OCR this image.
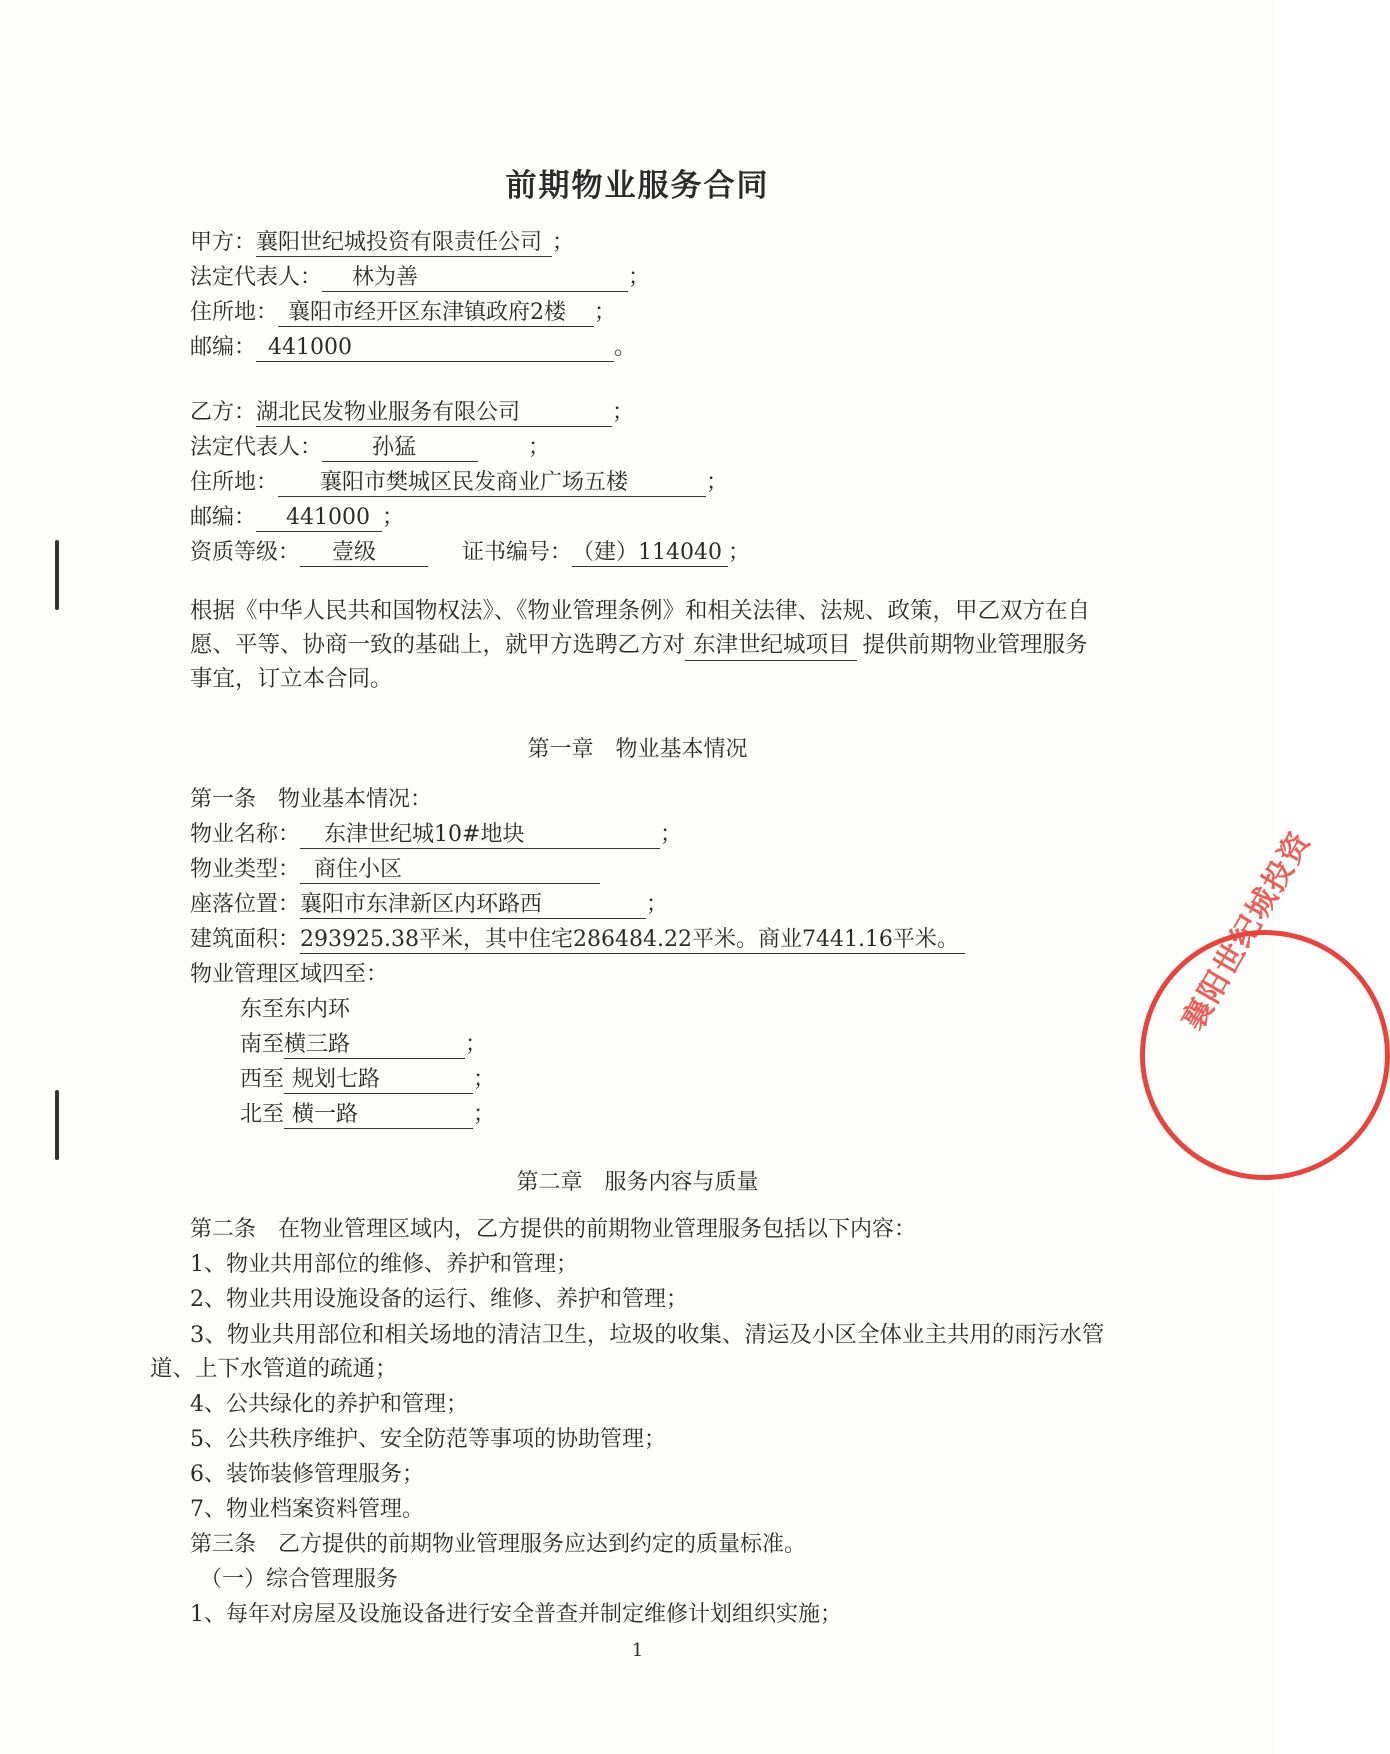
襄阳世纪城投资
前期物业服务合同
甲方：襄阳世纪城投资有限责任公司 ；
法定代表人： 林为善	；
住所地： 襄阳市经开区东津镇政府2楼 ；
邮编： 441000	。
乙方：湖北民发物业服务有限公司	；
法定代表人： 孙猛	；
住所地： 襄阳市樊城区民发商业广场五楼	；
邮编： 441000 ；
资质等级： 壹级	证书编号：（建）114040 ；
根据《中华人民共和国物权法》、《物业管理条例》和相关法律、法规、政策，甲乙双方在自愿、平等、协商一致的基础上，就甲方选聘乙方对 东津世纪城项目 提供前期物业管理服务事宜，订立本合同。
第一章　物业基本情况
第一条　物业基本情况：
物业名称： 东津世纪城10#地块	；
物业类型： 商住小区
座落位置：襄阳市东津新区内环路西	；
建筑面积：293925.38平米，其中住宅286484.22平米。商业7441.16平米。
物业管理区域四至：
东至东内环
南至横三路	；
西至 规划七路	；
北至 横一路	；
第二章　服务内容与质量
第二条　在物业管理区域内，乙方提供的前期物业管理服务包括以下内容：
1、物业共用部位的维修、养护和管理；
2、物业共用设施设备的运行、维修、养护和管理；
3、物业共用部位和相关场地的清洁卫生，垃圾的收集、清运及小区全体业主共用的雨污水管道、上下水管道的疏通；
4、公共绿化的养护和管理；
5、公共秩序维护、安全防范等事项的协助管理；
6、装饰装修管理服务；
7、物业档案资料管理。
第三条　乙方提供的前期物业管理服务应达到约定的质量标准。
（一）综合管理服务
1、每年对房屋及设施设备进行安全普查并制定维修计划组织实施；
1
